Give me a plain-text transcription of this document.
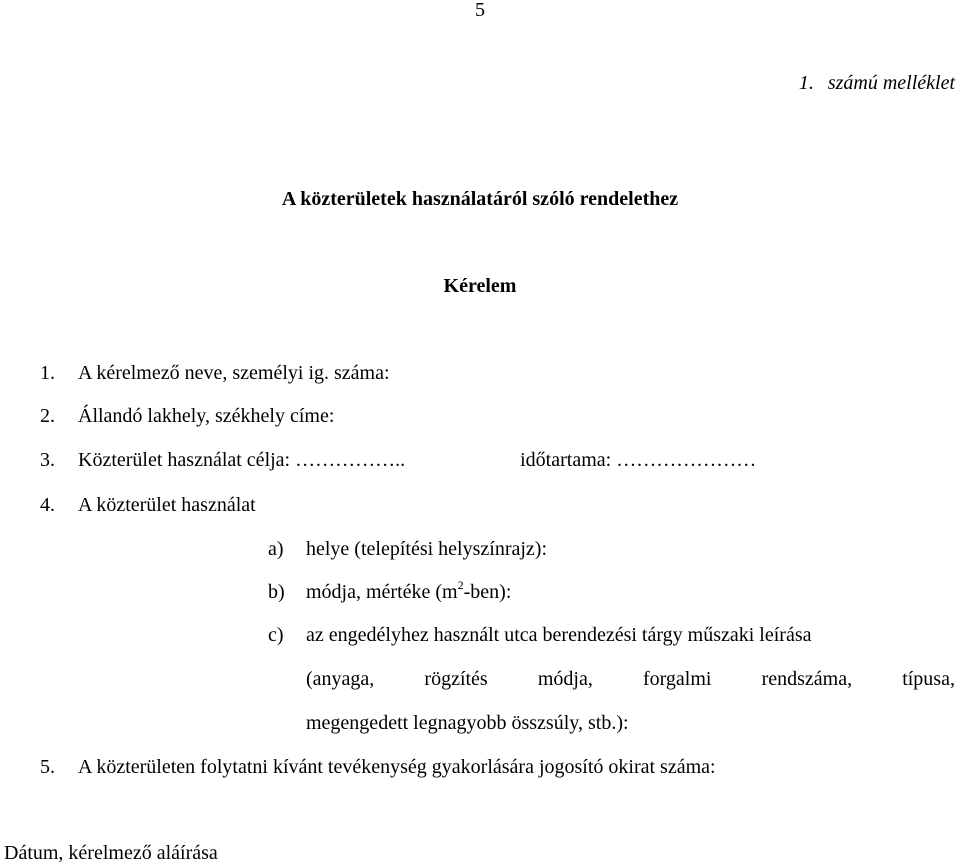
5
1. számú melléklet
A közterületek használatáról szóló rendelethez
Kérelem
1. A kérelmező neve, személyi ig. száma:
2. Állandó lakhely, székhely címe:
3. Közterület használat célja: ……………..	időtartama: …………………
4. A közterület használat
a) helye (telepítési helyszínrajz):
b) módja, mértéke $(m^2-ben)$:
c) az engedélyhez használt utca berendezési tárgy műszaki leírása
(anyaga,	rögzítés	módja,	forgalmi	rendszáma,	típusa,
megengedett legnagyobb összsúly, stb.):
5. A közterületen folytatni kívánt tevékenység gyakorlására jogosító okirat száma:
Dátum, kérelmező aláírása
